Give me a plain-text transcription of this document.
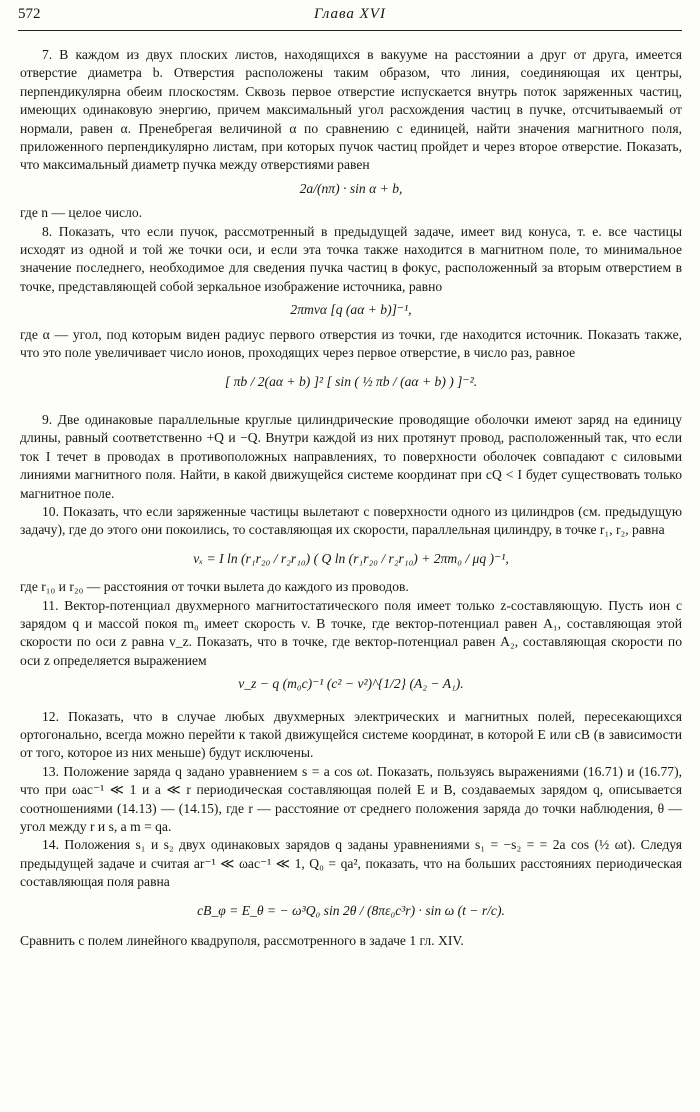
572	Глава XVI

7. В каждом из двух плоских листов, находящихся в вакууме на расстоянии a друг от друга, имеется отверстие диаметра b. Отверстия расположены таким образом, что линия, соединяющая их центры, перпендикулярна обеим плоскостям. Сквозь первое отверстие испускается внутрь поток заряженных частиц, имеющих одинаковую энергию, причем максимальный угол расхождения частиц в пучке, отсчитываемый от нормали, равен α. Пренебрегая величиной α по сравнению с единицей, найти значения магнитного поля, приложенного перпендикулярно листам, при которых пучок частиц пройдет и через второе отверстие. Показать, что максимальный диаметр пучка между отверстиями равен

2a/(nπ) · sin α + b,

где n — целое число.

8. Показать, что если пучок, рассмотренный в предыдущей задаче, имеет вид конуса, т. е. все частицы исходят из одной и той же точки оси, и если эта точка также находится в магнитном поле, то минимальное значение последнего, необходимое для сведения пучка частиц в фокус, расположенный за вторым отверстием в точке, представляющей собой зеркальное изображение источника, равно

2πmvα [q (aα + b)]⁻¹,

где α — угол, под которым виден радиус первого отверстия из точки, где находится источник. Показать также, что это поле увеличивает число ионов, проходящих через первое отверстие, в число раз, равное

[ πb / 2(aα + b) ]² [ sin ( ½ πb / (aα + b) ) ]⁻².

9. Две одинаковые параллельные круглые цилиндрические проводящие оболочки имеют заряд на единицу длины, равный соответственно +Q и −Q. Внутри каждой из них протянут провод, расположенный так, что если ток I течет в проводах в противоположных направлениях, то поверхности оболочек совпадают с силовыми линиями магнитного поля. Найти, в какой движущейся системе координат при cQ < I будет существовать только магнитное поле.

10. Показать, что если заряженные частицы вылетают с поверхности одного из цилиндров (см. предыдущую задачу), где до этого они покоились, то составляющая их скорости, параллельная цилиндру, в точке r₁, r₂, равна

vₓ = I ln (r₁r₂₀ / r₂r₁₀) ( Q ln (r₁r₂₀ / r₂r₁₀) + 2πm₀ / μq )⁻¹,

где r₁₀ и r₂₀ — расстояния от точки вылета до каждого из проводов.

11. Вектор-потенциал двухмерного магнитостатического поля имеет только z-составляющую. Пусть ион с зарядом q и массой покоя m₀ имеет скорость v. В точке, где вектор-потенциал равен A₁, составляющая этой скорости по оси z равна v_z. Показать, что в точке, где вектор-потенциал равен A₂, составляющая скорости по оси z определяется выражением

v_z − q (m₀c)⁻¹ (c² − v²)^{1/2} (A₂ − A₁).

12. Показать, что в случае любых двухмерных электрических и магнитных полей, пересекающихся ортогонально, всегда можно перейти к такой движущейся системе координат, в которой E или cB (в зависимости от того, которое из них меньше) будут исключены.

13. Положение заряда q задано уравнением s = a cos ωt. Показать, пользуясь выражениями (16.71) и (16.77), что при ωac⁻¹ ≪ 1 и a ≪ r периодическая составляющая полей E и B, создаваемых зарядом q, описывается соотношениями (14.13) — (14.15), где r — расстояние от среднего положения заряда до точки наблюдения, θ — угол между r и s, a m = qa.

14. Положения s₁ и s₂ двух одинаковых зарядов q заданы уравнениями s₁ = −s₂ = = 2a cos (½ ωt). Следуя предыдущей задаче и считая ar⁻¹ ≪ ωac⁻¹ ≪ 1, Q₀ = qa², показать, что на больших расстояниях периодическая составляющая поля равна

cB_φ = E_θ = − ω³Q₀ sin 2θ / (8πε₀c³r) · sin ω (t − r/c).

Сравнить с полем линейного квадруполя, рассмотренного в задаче 1 гл. XIV.
